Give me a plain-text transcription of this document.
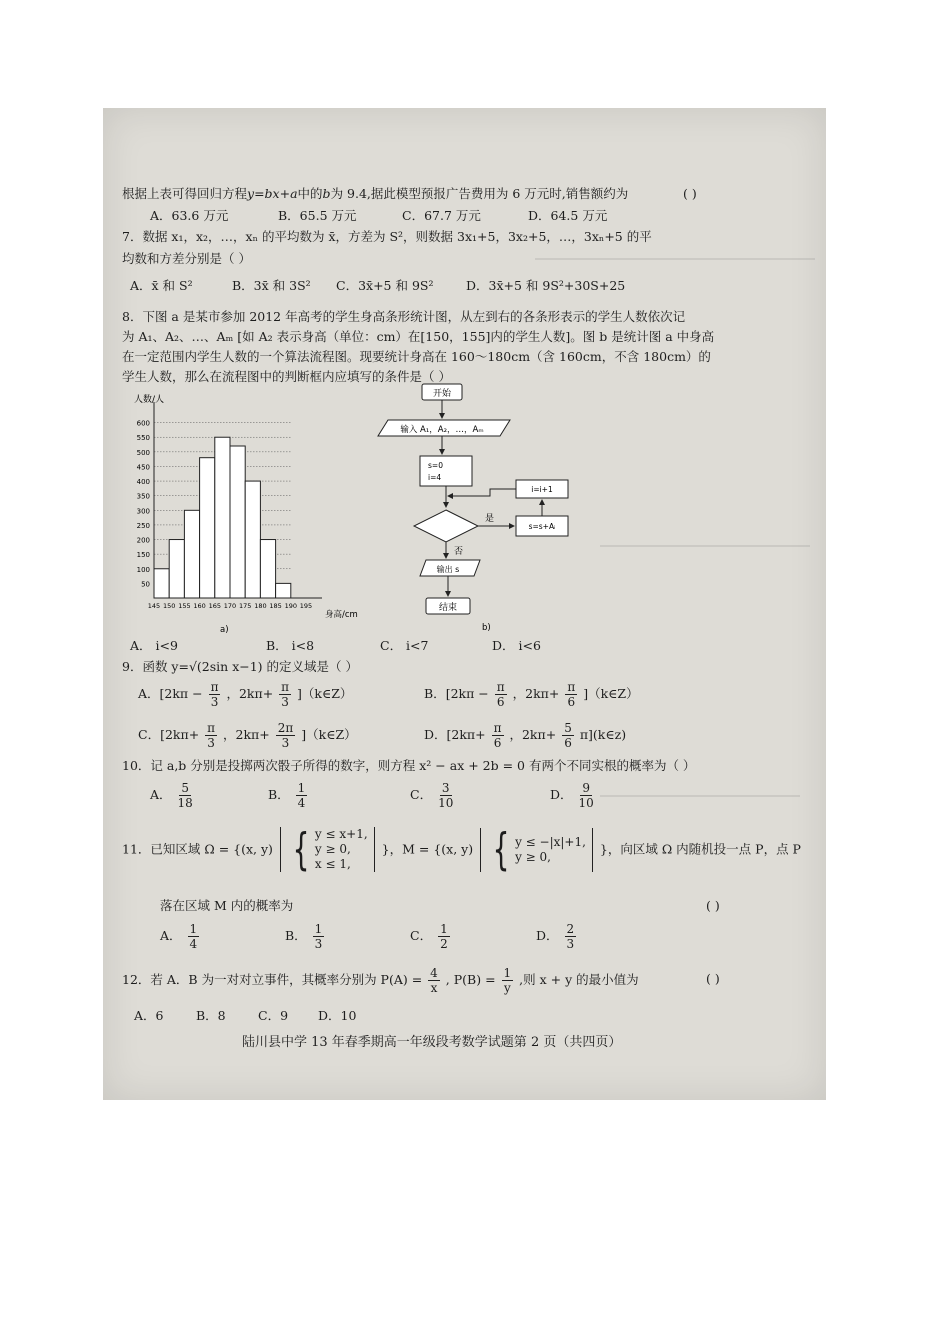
根据上表可得回归方程y=bx+a中的b为 9.4,据此模型预报广告费用为 6 万元时,销售额约为	( )
A．63.6 万元	B．65.5 万元	C．67.7 万元	D．64.5 万元
7．数据 x₁，x₂，…，xₙ 的平均数为 x̄，方差为 S²，则数据 3x₁+5，3x₂+5，…，3xₙ+5 的平
均数和方差分别是（ ）
A．x̄ 和 S²	B．3x̄ 和 3S² C．3x̄+5 和 9S²	D．3x̄+5 和 9S²+30S+25
8．下图 a 是某市参加 2012 年高考的学生身高条形统计图，从左到右的各条形表示的学生人数依次记
为 A₁、A₂、…、Aₘ [如 A₂ 表示身高（单位：cm）在[150，155]内的学生人数]。图 b 是统计图 a 中身高
在一定范围内学生人数的一个算法流程图。现要统计身高在 160～180cm（含 160cm，不含 180cm）的
学生人数，那么在流程图中的判断框内应填写的条件是（ ）
人数/人
身高/cm
a)
50
100
150
200
250
300
350
400
450
500
550
600
145 150 155 160 165 170 175 180 185 190 195
开始
输入 A₁，A₂，…，Aₘ
s=0
i=4
是
s=s+Aᵢ
i=i+1
否
输出 s
结束
b)
A． i<9	B． i<8	C． i<7	D． i<6
9．函数 y=√(2sin x−1) 的定义域是（ ）
A．[$2k\pi - \frac{\pi}{3}$ ，$2k\pi+ \frac{\pi}{3}$ ]（k∈Z）	B．[$2k\pi - \frac{\pi}{6}$ ，$2k\pi+ \frac{\pi}{6}$ ]（k∈Z）
C．[$2k\pi+ \frac{\pi}{3}$ ，$2k\pi+ \frac{2\pi}{3}$ ]（k∈Z）	D．[$2k\pi+ \frac{\pi}{6}$ ，$2k\pi+ \frac{5}{6}$ π](k∈z)
10．记 a,b 分别是投掷两次骰子所得的数字，则方程 x² − ax + 2b = 0 有两个不同实根的概率为（ ）
A． $\frac{5}{18}$	B． $\frac{1}{4}$	C． $\frac{3}{10}$	D． $\frac{9}{10}$
11．已知区域 Ω = {(x, y) { y ≤ x+1,
y ≥ 0,
x ≤ 1, }，M = {(x, y) { y ≤ −|x|+1,
y ≥ 0,	}，向区域 Ω 内随机投一点 P，点 P
落在区域 M 内的概率为	( )
A． $\frac{1}{4}$	B． $\frac{1}{3}$	C． $\frac{1}{2}$	D． $\frac{2}{3}$
12．若 A．B 为一对对立事件，其概率分别为 $P(A) = \frac{4}{x}$ , $P(B) = \frac{1}{y}$ ,则 x + y 的最小值为	( )
A．6	B．8	C．9 D．10
陆川县中学 13 年春季期高一年级段考数学试题第 2 页（共四页）
